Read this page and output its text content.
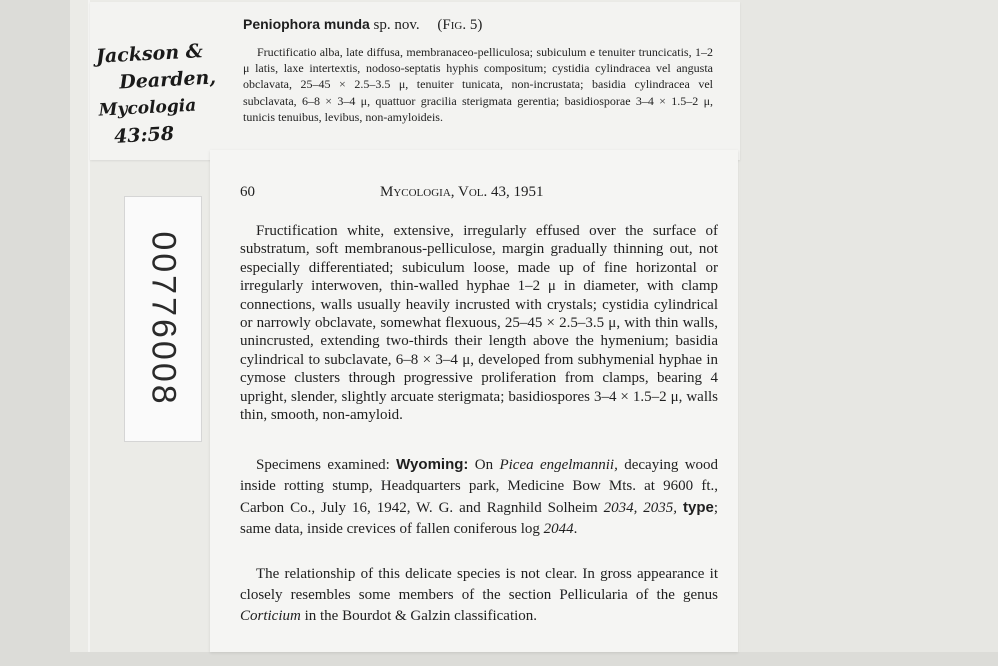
Peniophora munda sp. nov. (Fig. 5)
Fructificatio alba, late diffusa, membranaceo-pelliculosa; subiculum e tenuiter truncicatis, 1–2 μ latis, laxe intertextis, nodoso-septatis hyphis compositum; cystidia cylindracea vel angusta obclavata, 25–45 × 2.5–3.5 μ, tenuiter tunicata, non-incrustata; basidia cylindracea vel subclavata, 6–8 × 3–4 μ, quattuor gracilia sterigmata gerentia; basidiosporae 3–4 × 1.5–2 μ, tunicis tenuibus, levibus, non-amyloideis.
Jackson &
Dearden,
Mycologia
43:58
00776008
60	Mycologia, Vol. 43, 1951
Fructification white, extensive, irregularly effused over the surface of substratum, soft membranous-pelliculose, margin gradually thinning out, not especially differentiated; subiculum loose, made up of fine horizontal or irregularly interwoven, thin-walled hyphae 1–2 μ in diameter, with clamp connections, walls usually heavily incrusted with crystals; cystidia cylindrical or narrowly obclavate, somewhat flexuous, 25–45 × 2.5–3.5 μ, with thin walls, unincrusted, extending two-thirds their length above the hymenium; basidia cylindrical to subclavate, 6–8 × 3–4 μ, developed from subhymenial hyphae in cymose clusters through progressive proliferation from clamps, bearing 4 upright, slender, slightly arcuate sterigmata; basidiospores 3–4 × 1.5–2 μ, walls thin, smooth, non-amyloid.
Specimens examined: Wyoming: On Picea engelmannii, decaying wood inside rotting stump, Headquarters park, Medicine Bow Mts. at 9600 ft., Carbon Co., July 16, 1942, W. G. and Ragnhild Solheim 2034, 2035, type; same data, inside crevices of fallen coniferous log 2044.
The relationship of this delicate species is not clear. In gross appearance it closely resembles some members of the section Pellicularia of the genus Corticium in the Bourdot & Galzin classification.
